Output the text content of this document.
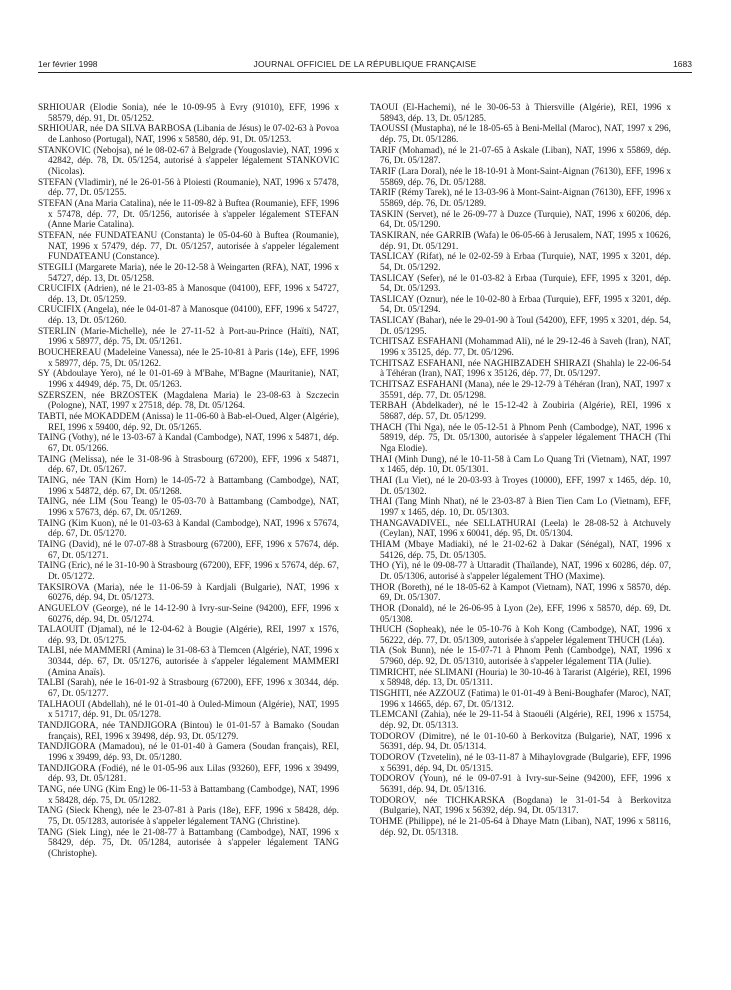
1er février 1998	JOURNAL OFFICIEL DE LA RÉPUBLIQUE FRANÇAISE	1683

SRHIOUAR (Elodie Sonia), née le 10-09-95 à Evry (91010), EFF, 1996 x 58579, dép. 91, Dt. 05/1252.

SRHIOUAR, née DA SILVA BARBOSA (Libania de Jésus) le 07-02-63 à Povoa de Lanhoso (Portugal), NAT, 1996 x 58580, dép. 91, Dt. 05/1253.

STANKOVIC (Nebojsa), né le 08-02-67 à Belgrade (Yougoslavie), NAT, 1996 x 42842, dép. 78, Dt. 05/1254, autorisé à s'appeler légalement STANKOVIC (Nicolas).

STEFAN (Vladimir), né le 26-01-56 à Ploiesti (Roumanie), NAT, 1996 x 57478, dép. 77, Dt. 05/1255.

STEFAN (Ana Maria Catalina), née le 11-09-82 à Buftea (Roumanie), EFF, 1996 x 57478, dép. 77, Dt. 05/1256, autorisée à s'appeler légalement STEFAN (Anne Marie Catalina).

STEFAN, née FUNDATEANU (Constanta) le 05-04-60 à Buftea (Roumanie), NAT, 1996 x 57479, dép. 77, Dt. 05/1257, autorisée à s'appeler légalement FUNDATEANU (Constance).

STEGILI (Margarete Maria), née le 20-12-58 à Weingarten (RFA), NAT, 1996 x 54727, dép. 13, Dt. 05/1258.

CRUCIFIX (Adrien), né le 21-03-85 à Manosque (04100), EFF, 1996 x 54727, dép. 13, Dt. 05/1259.

CRUCIFIX (Angela), née le 04-01-87 à Manosque (04100), EFF, 1996 x 54727, dép. 13, Dt. 05/1260.

STERLIN (Marie-Michelle), née le 27-11-52 à Port-au-Prince (Haïti), NAT, 1996 x 58977, dép. 75, Dt. 05/1261.

BOUCHEREAU (Madeleine Vanessa), née le 25-10-81 à Paris (14e), EFF, 1996 x 58977, dép. 75, Dt. 05/1262.

SY (Abdoulaye Yero), né le 01-01-69 à M'Bahe, M'Bagne (Mauritanie), NAT, 1996 x 44949, dép. 75, Dt. 05/1263.

SZERSZEN, née BRZOSTEK (Magdalena Maria) le 23-08-63 à Szczecin (Pologne), NAT, 1997 x 27518, dép. 78, Dt. 05/1264.

TABTI, née MOKADDEM (Anissa) le 11-06-60 à Bab-el-Oued, Alger (Algérie), REI, 1996 x 59400, dép. 92, Dt. 05/1265.

TAING (Vothy), né le 13-03-67 à Kandal (Cambodge), NAT, 1996 x 54871, dép. 67, Dt. 05/1266.

TAING (Melissa), née le 31-08-96 à Strasbourg (67200), EFF, 1996 x 54871, dép. 67, Dt. 05/1267.

TAING, née TAN (Kim Horn) le 14-05-72 à Battambang (Cambodge), NAT, 1996 x 54872, dép. 67, Dt. 05/1268.

TAING, née LIM (Sou Teang) le 05-03-70 à Battambang (Cambodge), NAT, 1996 x 57673, dép. 67, Dt. 05/1269.

TAING (Kim Kuon), né le 01-03-63 à Kandal (Cambodge), NAT, 1996 x 57674, dép. 67, Dt. 05/1270.

TAING (David), né le 07-07-88 à Strasbourg (67200), EFF, 1996 x 57674, dép. 67, Dt. 05/1271.

TAING (Eric), né le 31-10-90 à Strasbourg (67200), EFF, 1996 x 57674, dép. 67, Dt. 05/1272.

TAKSIROVA (Maria), née le 11-06-59 à Kardjali (Bulgarie), NAT, 1996 x 60276, dép. 94, Dt. 05/1273.

ANGUELOV (George), né le 14-12-90 à Ivry-sur-Seine (94200), EFF, 1996 x 60276, dép. 94, Dt. 05/1274.

TALAOUIT (Djamal), né le 12-04-62 à Bougie (Algérie), REI, 1997 x 1576, dép. 93, Dt. 05/1275.

TALBI, née MAMMERI (Amina) le 31-08-63 à Tlemcen (Algérie), NAT, 1996 x 30344, dép. 67, Dt. 05/1276, autorisée à s'appeler légalement MAMMERI (Amina Anaïs).

TALBI (Sarah), née le 16-01-92 à Strasbourg (67200), EFF, 1996 x 30344, dép. 67, Dt. 05/1277.

TALHAOUI (Abdellah), né le 01-01-40 à Ouled-Mimoun (Algérie), NAT, 1995 x 51717, dép. 91, Dt. 05/1278.

TANDJIGORA, née TANDJIGORA (Bintou) le 01-01-57 à Bamako (Soudan français), REI, 1996 x 39498, dép. 93, Dt. 05/1279.

TANDJIGORA (Mamadou), né le 01-01-40 à Gamera (Soudan français), REI, 1996 x 39499, dép. 93, Dt. 05/1280.

TANDJIGORA (Fodié), né le 01-05-96 aux Lilas (93260), EFF, 1996 x 39499, dép. 93, Dt. 05/1281.

TANG, née UNG (Kim Eng) le 06-11-53 à Battambang (Cambodge), NAT, 1996 x 58428, dép. 75, Dt. 05/1282.

TANG (Sieck Kheng), née le 23-07-81 à Paris (18e), EFF, 1996 x 58428, dép. 75, Dt. 05/1283, autorisée à s'appeler légalement TANG (Christine).

TANG (Siek Ling), née le 21-08-77 à Battambang (Cambodge), NAT, 1996 x 58429, dép. 75, Dt. 05/1284, autorisée à s'appeler légalement TANG (Christophe).

TAOUI (El-Hachemi), né le 30-06-53 à Thiersville (Algérie), REI, 1996 x 58943, dép. 13, Dt. 05/1285.

TAOUSSI (Mustapha), né le 18-05-65 à Beni-Mellal (Maroc), NAT, 1997 x 296, dép. 75, Dt. 05/1286.

TARIF (Mohamad), né le 21-07-65 à Askale (Liban), NAT, 1996 x 55869, dép. 76, Dt. 05/1287.

TARIF (Lara Doral), née le 18-10-91 à Mont-Saint-Aignan (76130), EFF, 1996 x 55869, dép. 76, Dt. 05/1288.

TARIF (Rémy Tarek), né le 13-03-96 à Mont-Saint-Aignan (76130), EFF, 1996 x 55869, dép. 76, Dt. 05/1289.

TASKIN (Servet), né le 26-09-77 à Duzce (Turquie), NAT, 1996 x 60206, dép. 64, Dt. 05/1290.

TASKIRAN, née GARRIB (Wafa) le 06-05-66 à Jerusalem, NAT, 1995 x 10626, dép. 91, Dt. 05/1291.

TASLICAY (Rifat), né le 02-02-59 à Erbaa (Turquie), NAT, 1995 x 3201, dép. 54, Dt. 05/1292.

TASLICAY (Sefer), né le 01-03-82 à Erbaa (Turquie), EFF, 1995 x 3201, dép. 54, Dt. 05/1293.

TASLICAY (Oznur), née le 10-02-80 à Erbaa (Turquie), EFF, 1995 x 3201, dép. 54, Dt. 05/1294.

TASLICAY (Bahar), née le 29-01-90 à Toul (54200), EFF, 1995 x 3201, dép. 54, Dt. 05/1295.

TCHITSAZ ESFAHANI (Mohammad Ali), né le 29-12-46 à Saveh (Iran), NAT, 1996 x 35125, dép. 77, Dt. 05/1296.

TCHITSAZ ESFAHANI, née NAGHIBZADEH SHIRAZI (Shahla) le 22-06-54 à Téhéran (Iran), NAT, 1996 x 35126, dép. 77, Dt. 05/1297.

TCHITSAZ ESFAHANI (Mana), née le 29-12-79 à Téhéran (Iran), NAT, 1997 x 35591, dép. 77, Dt. 05/1298.

TERBAH (Abdelkader), né le 15-12-42 à Zoubiria (Algérie), REI, 1996 x 58687, dép. 57, Dt. 05/1299.

THACH (Thi Nga), née le 05-12-51 à Phnom Penh (Cambodge), NAT, 1996 x 58919, dép. 75, Dt. 05/1300, autorisée à s'appeler légalement THACH (Thi Nga Elodie).

THAI (Minh Dung), né le 10-11-58 à Cam Lo Quang Tri (Vietnam), NAT, 1997 x 1465, dép. 10, Dt. 05/1301.

THAI (Lu Viet), né le 20-03-93 à Troyes (10000), EFF, 1997 x 1465, dép. 10, Dt. 05/1302.

THAI (Tang Minh Nhat), né le 23-03-87 à Bien Tien Cam Lo (Vietnam), EFF, 1997 x 1465, dép. 10, Dt. 05/1303.

THANGAVADIVEL, née SELLATHURAI (Leela) le 28-08-52 à Atchuvely (Ceylan), NAT, 1996 x 60041, dép. 95, Dt. 05/1304.

THIAM (Mbaye Madiaki), né le 21-02-62 à Dakar (Sénégal), NAT, 1996 x 54126, dép. 75, Dt. 05/1305.

THO (Yi), né le 09-08-77 à Uttaradit (Thaïlande), NAT, 1996 x 60286, dép. 07, Dt. 05/1306, autorisé à s'appeler légalement THO (Maxime).

THOR (Boreth), né le 18-05-62 à Kampot (Vietnam), NAT, 1996 x 58570, dép. 69, Dt. 05/1307.

THOR (Donald), né le 26-06-95 à Lyon (2e), EFF, 1996 x 58570, dép. 69, Dt. 05/1308.

THUCH (Sopheak), née le 05-10-76 à Koh Kong (Cambodge), NAT, 1996 x 56222, dép. 77, Dt. 05/1309, autorisée à s'appeler légalement THUCH (Léa).

TIA (Sok Bunn), née le 15-07-71 à Phnom Penh (Cambodge), NAT, 1996 x 57960, dép. 92, Dt. 05/1310, autorisée à s'appeler légalement TIA (Julie).

TIMRICHT, née SLIMANI (Houria) le 30-10-46 à Tararist (Algérie), REI, 1996 x 58948, dép. 13, Dt. 05/1311.

TISGHITI, née AZZOUZ (Fatima) le 01-01-49 à Beni-Boughafer (Maroc), NAT, 1996 x 14665, dép. 67, Dt. 05/1312.

TLEMCANI (Zahia), née le 29-11-54 à Staouéli (Algérie), REI, 1996 x 15754, dép. 92, Dt. 05/1313.

TODOROV (Dimitre), né le 01-10-60 à Berkovitza (Bulgarie), NAT, 1996 x 56391, dép. 94, Dt. 05/1314.

TODOROV (Tzvetelin), né le 03-11-87 à Mihaylovgrade (Bulgarie), EFF, 1996 x 56391, dép. 94, Dt. 05/1315.

TODOROV (Youn), né le 09-07-91 à Ivry-sur-Seine (94200), EFF, 1996 x 56391, dép. 94, Dt. 05/1316.

TODOROV, née TICHKARSKA (Bogdana) le 31-01-54 à Berkovitza (Bulgarie), NAT, 1996 x 56392, dép. 94, Dt. 05/1317.

TOHME (Philippe), né le 21-05-64 à Dhaye Matn (Liban), NAT, 1996 x 58116, dép. 92, Dt. 05/1318.
